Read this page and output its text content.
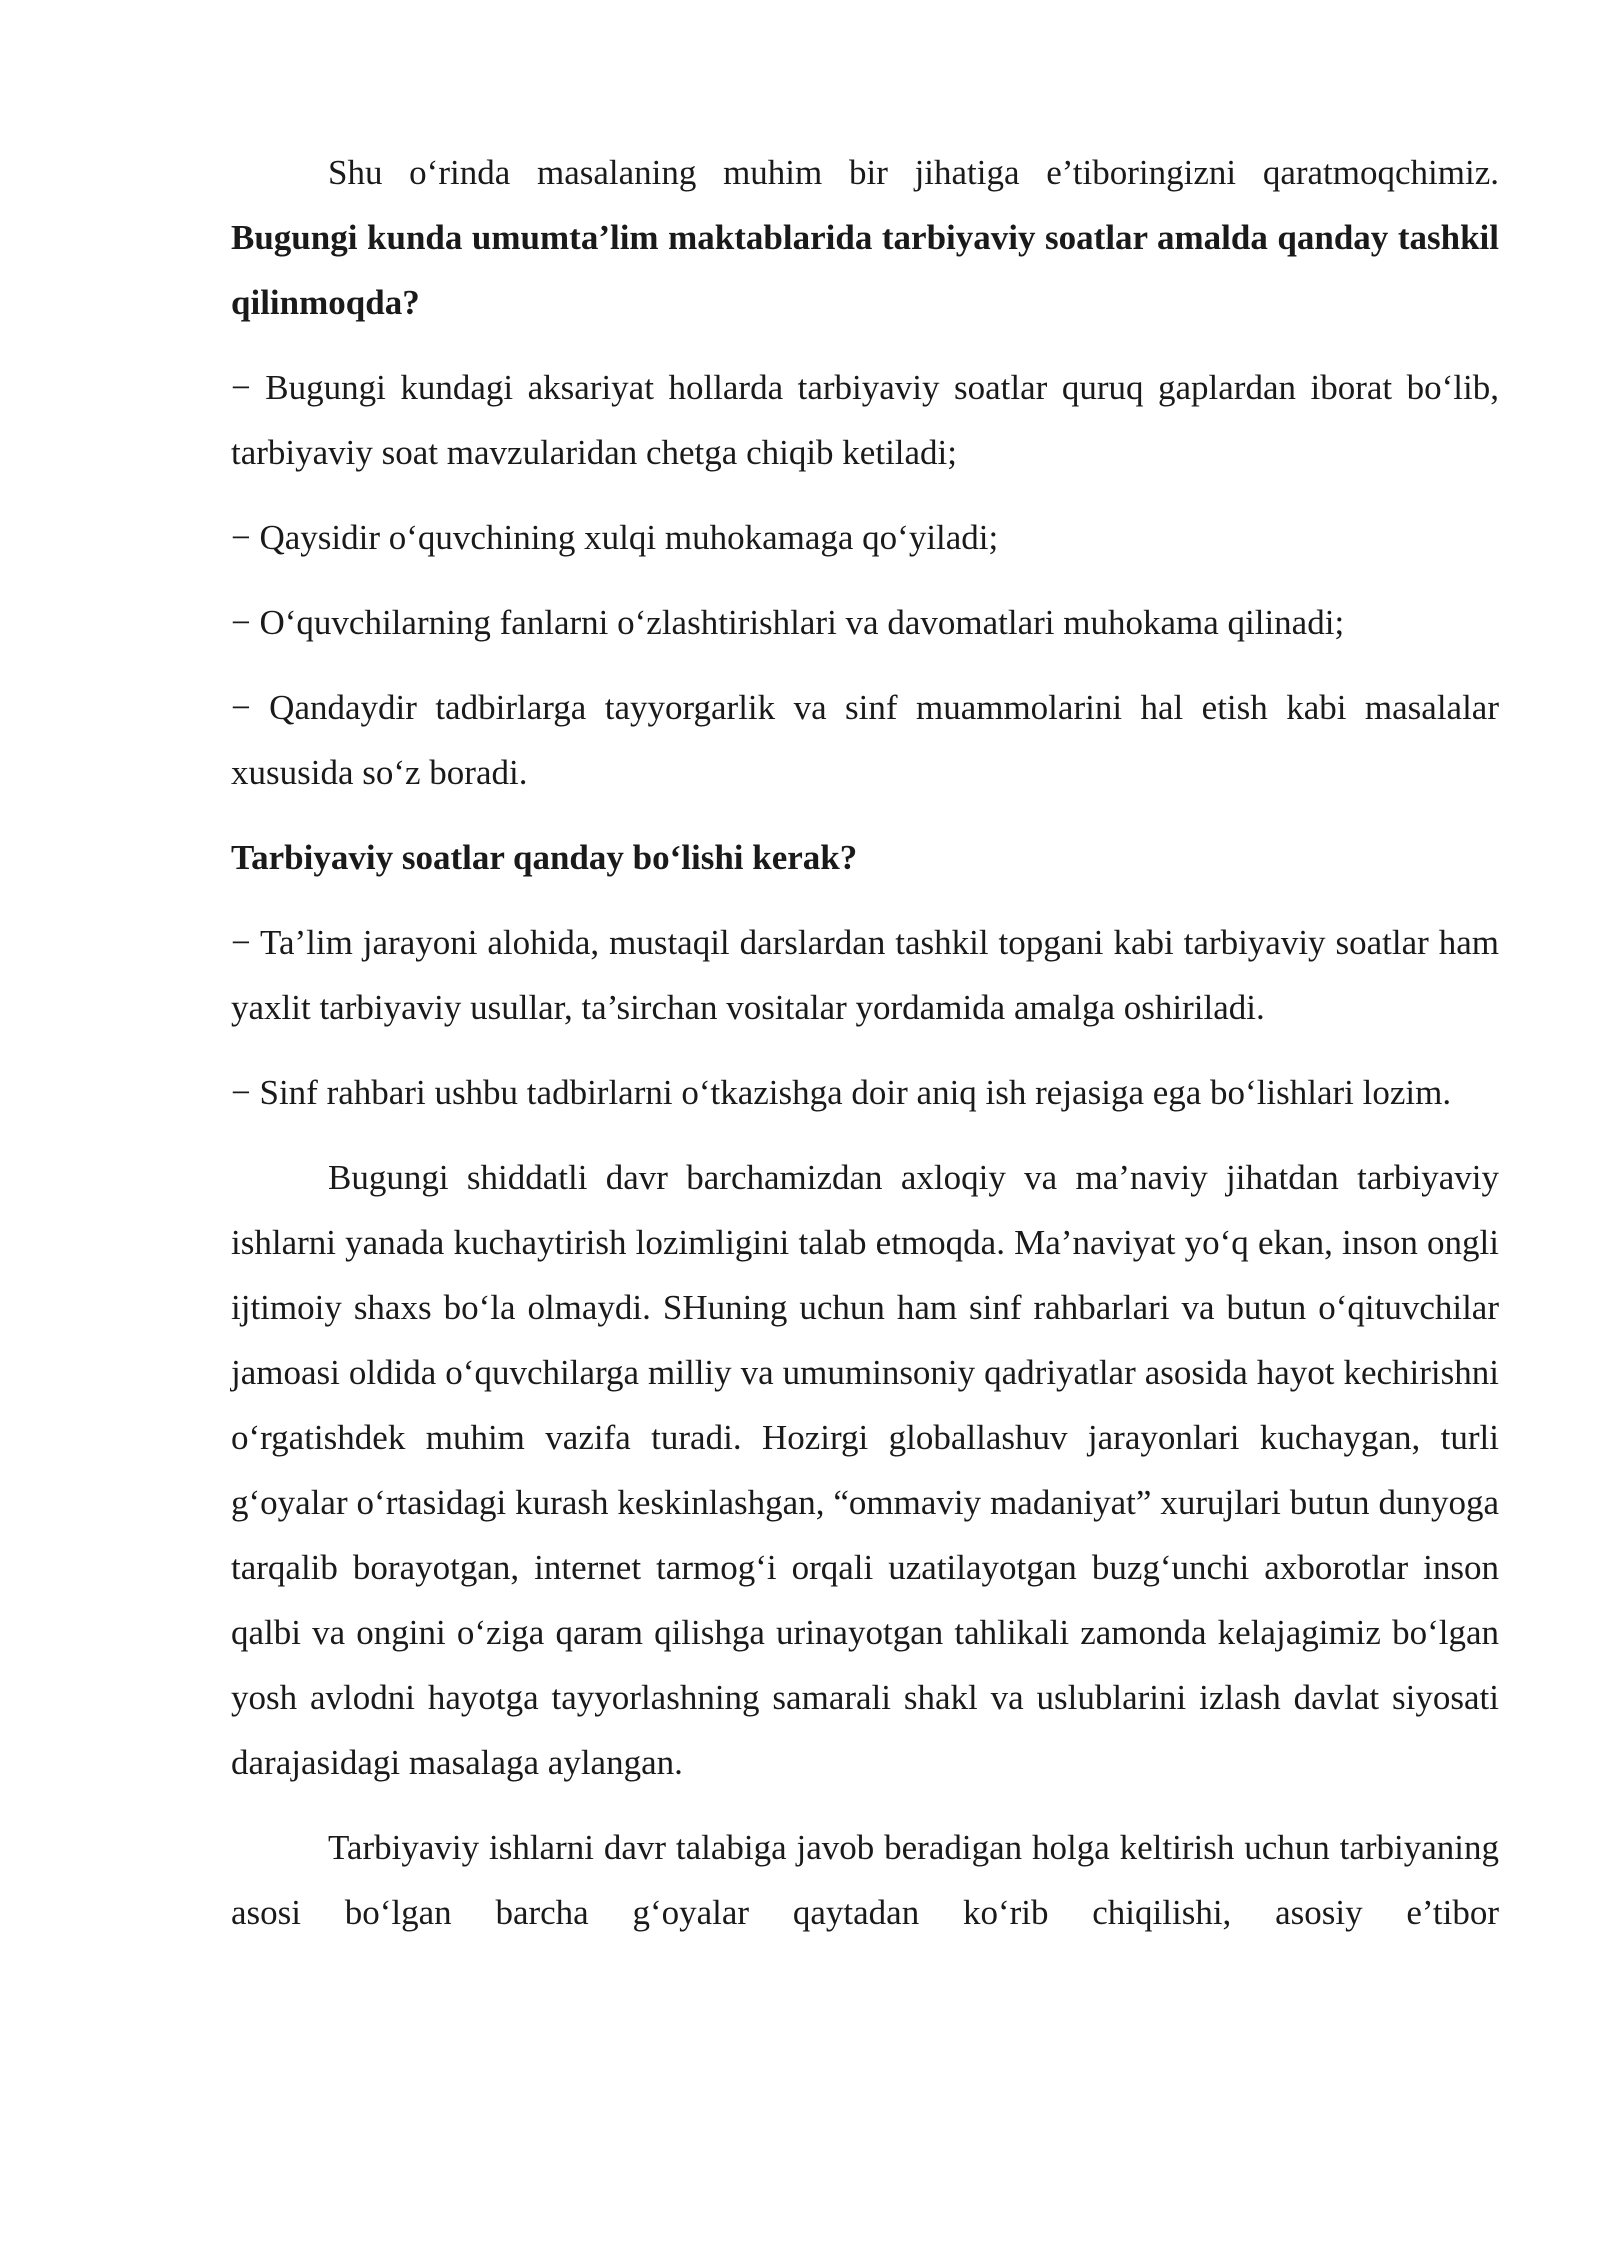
Shu o‘rinda masalaning muhim bir jihatiga e’tiboringizni qaratmoqchimiz. Bugungi kunda umumta’lim maktablarida tarbiyaviy soatlar amalda qanday tashkil qilinmoqda?

− Bugungi kundagi aksariyat hollarda tarbiyaviy soatlar quruq gaplardan iborat bo‘lib, tarbiyaviy soat mavzularidan chetga chiqib ketiladi;

− Qaysidir o‘quvchining xulqi muhokamaga qo‘yiladi;

− O‘quvchilarning fanlarni o‘zlashtirishlari va davomatlari muhokama qilinadi;

− Qandaydir tadbirlarga tayyorgarlik va sinf muammolarini hal etish kabi masalalar xususida so‘z boradi.

Tarbiyaviy soatlar qanday bo‘lishi kerak?

− Ta’lim jarayoni alohida, mustaqil darslardan tashkil topgani kabi tarbiyaviy soatlar ham yaxlit tarbiyaviy usullar, ta’sirchan vositalar yordamida amalga oshiriladi.

− Sinf rahbari ushbu tadbirlarni o‘tkazishga doir aniq ish rejasiga ega bo‘lishlari lozim.

Bugungi shiddatli davr barchamizdan axloqiy va ma’naviy jihatdan tarbiyaviy ishlarni yanada kuchaytirish lozimligini talab etmoqda. Ma’naviyat yo‘q ekan, inson ongli ijtimoiy shaxs bo‘la olmaydi. SHuning uchun ham sinf rahbarlari va butun o‘qituvchilar jamoasi oldida o‘quvchilarga milliy va umuminsoniy qadriyatlar asosida hayot kechirishni o‘rgatishdek muhim vazifa turadi. Hozirgi globallashuv jarayonlari kuchaygan, turli g‘oyalar o‘rtasidagi kurash keskinlashgan, “ommaviy madaniyat” xurujlari butun dunyoga tarqalib borayotgan, internet tarmog‘i orqali uzatilayotgan buzg‘unchi axborotlar inson qalbi va ongini o‘ziga qaram qilishga urinayotgan tahlikali zamonda kelajagimiz bo‘lgan yosh avlodni hayotga tayyorlashning samarali shakl va uslublarini izlash davlat siyosati darajasidagi masalaga aylangan.

Tarbiyaviy ishlarni davr talabiga javob beradigan holga keltirish uchun tarbiyaning asosi bo‘lgan barcha g‘oyalar qaytadan ko‘rib chiqilishi, asosiy e’tibor
